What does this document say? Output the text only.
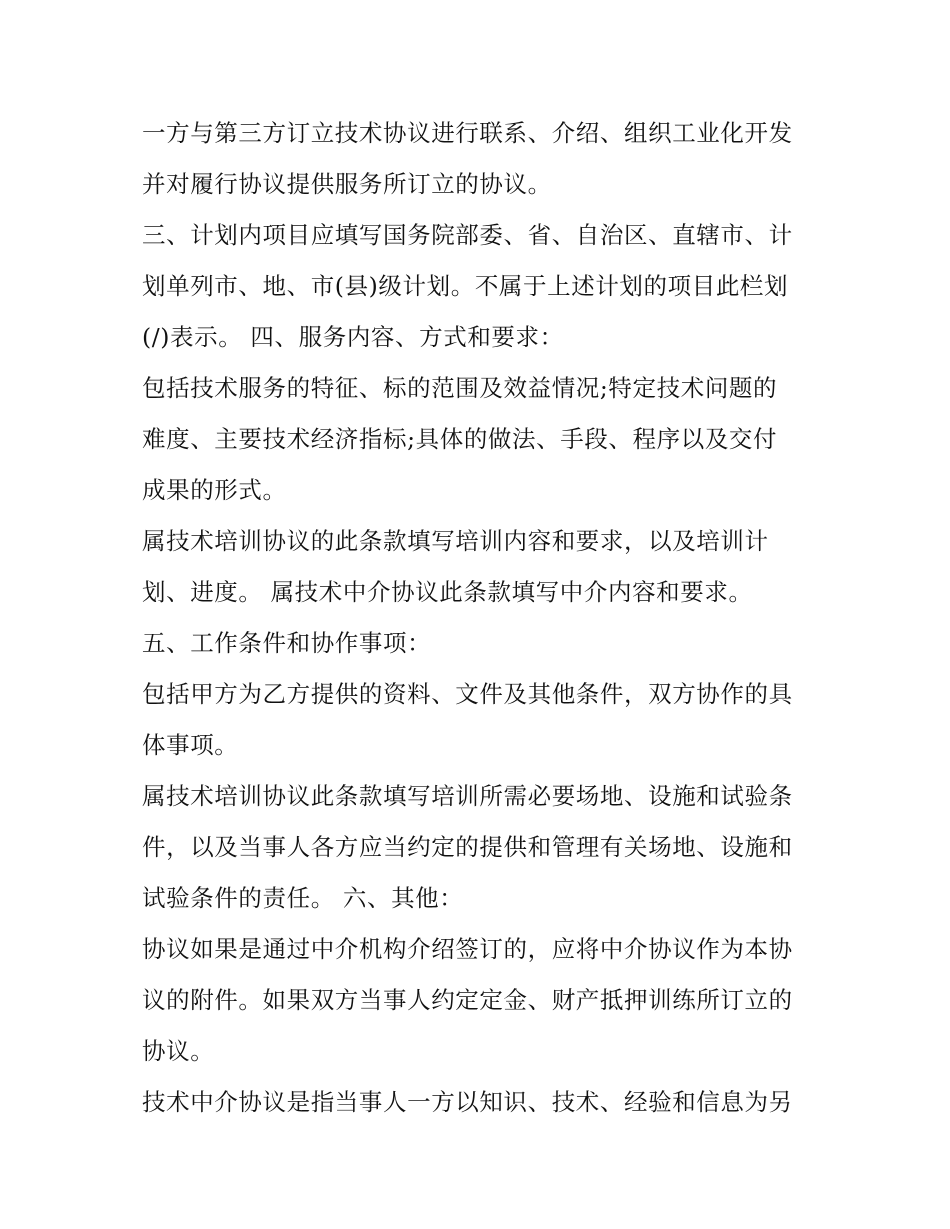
一方与第三方订立技术协议进行联系、介绍、组织工业化开发
并对履行协议提供服务所订立的协议。
三、计划内项目应填写国务院部委、省、自治区、直辖市、计
划单列市、地、市(县)级计划。不属于上述计划的项目此栏划
(/)表示。 四、服务内容、方式和要求：
包括技术服务的特征、标的范围及效益情况;特定技术问题的
难度、主要技术经济指标;具体的做法、手段、程序以及交付
成果的形式。
属技术培训协议的此条款填写培训内容和要求，以及培训计
划、进度。 属技术中介协议此条款填写中介内容和要求。
五、工作条件和协作事项：
包括甲方为乙方提供的资料、文件及其他条件，双方协作的具
体事项。
属技术培训协议此条款填写培训所需必要场地、设施和试验条
件，以及当事人各方应当约定的提供和管理有关场地、设施和
试验条件的责任。 六、其他：
协议如果是通过中介机构介绍签订的，应将中介协议作为本协
议的附件。如果双方当事人约定定金、财产抵押训练所订立的
协议。
技术中介协议是指当事人一方以知识、技术、经验和信息为另
